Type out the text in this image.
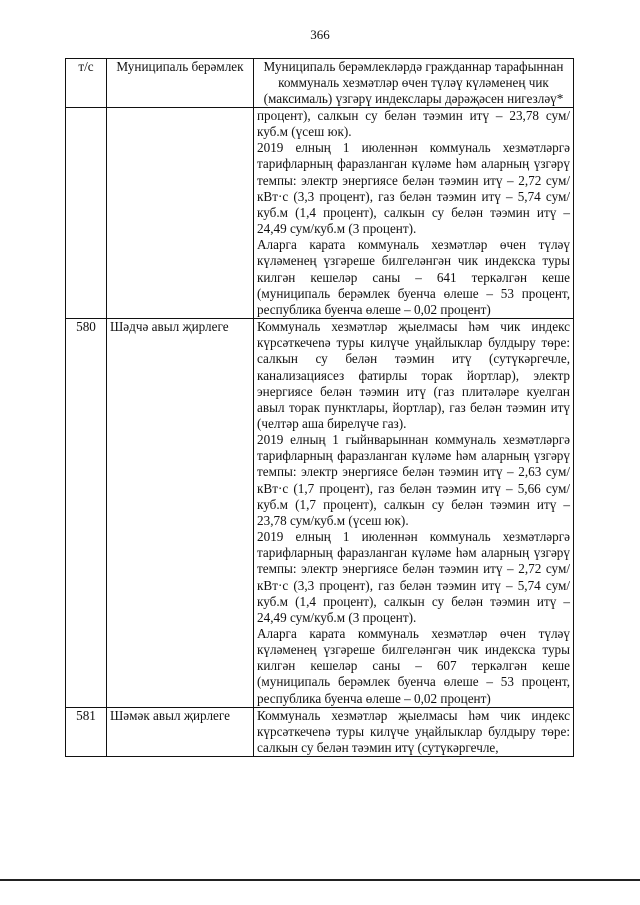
366
т/с	Муниципаль берәмлек	Муниципаль берәмлекләрдә гражданнар тарафыннан коммуналь хезмәтләр өчен түләү күләменең чик (максималь) үзгәрү индекслары дәрәҗәсен нигезләү*

		процент), салкын су белән тәэмин итү – 23,78 сум/куб.м (үсеш юк).

2019 елның 1 июленнән коммуналь хезмәтләргә тарифларның фаразланган күләме һәм аларның үзгәрү темпы: электр энергиясе белән тәэмин итү – 2,72 сум/кВт·с (3,3 процент), газ белән тәэмин итү – 5,74 сум/куб.м (1,4 процент), салкын су белән тәэмин итү – 24,49 сум/куб.м (3 процент).

Аларга карата коммуналь хезмәтләр өчен түләү күләменең үзгәреше билгеләнгән чик индекска туры килгән кешеләр саны – 641 теркәлгән кеше (муниципаль берәмлек буенча өлеше – 53 процент, республика буенча өлеше – 0,02 процент)

580	Шәдчә авыл җирлеге	Коммуналь хезмәтләр җыелмасы һәм чик индекс күрсәткечenә туры килүче уңайлыклар булдыру төре: салкын су белән тәэмин итү (сутүкәргечле, канализациясез фатирлы торак йортлар), электр энергиясе белән тәэмин итү (газ плитәләре куелган авыл торак пунктлары, йортлар), газ белән тәэмин итү (челтәр аша бирелүче газ).

2019 елның 1 гыйнварыннан коммуналь хезмәтләргә тарифларның фаразланган күләме һәм аларның үзгәрү темпы: электр энергиясе белән тәэмин итү – 2,63 сум/кВт·с (1,7 процент), газ белән тәэмин итү – 5,66 сум/куб.м (1,7 процент), салкын су белән тәэмин итү – 23,78 сум/куб.м (үсеш юк).

2019 елның 1 июленнән коммуналь хезмәтләргә тарифларның фаразланган күләме һәм аларның үзгәрү темпы: электр энергиясе белән тәэмин итү – 2,72 сум/кВт·с (3,3 процент), газ белән тәэмин итү – 5,74 сум/куб.м (1,4 процент), салкын су белән тәэмин итү – 24,49 сум/куб.м (3 процент).

Аларга карата коммуналь хезмәтләр өчен түләү күләменең үзгәреше билгеләнгән чик индекска туры килгән кешеләр саны – 607 теркәлгән кеше (муниципаль берәмлек буенча өлеше – 53 процент, республика буенча өлеше – 0,02 процент)

581	Шәмәк авыл җирлеге	Коммуналь хезмәтләр җыелмасы һәм чик индекс күрсәткечenә туры килүче уңайлыклар булдыру төре: салкын су белән тәэмин итү (сутүкәргечле,
